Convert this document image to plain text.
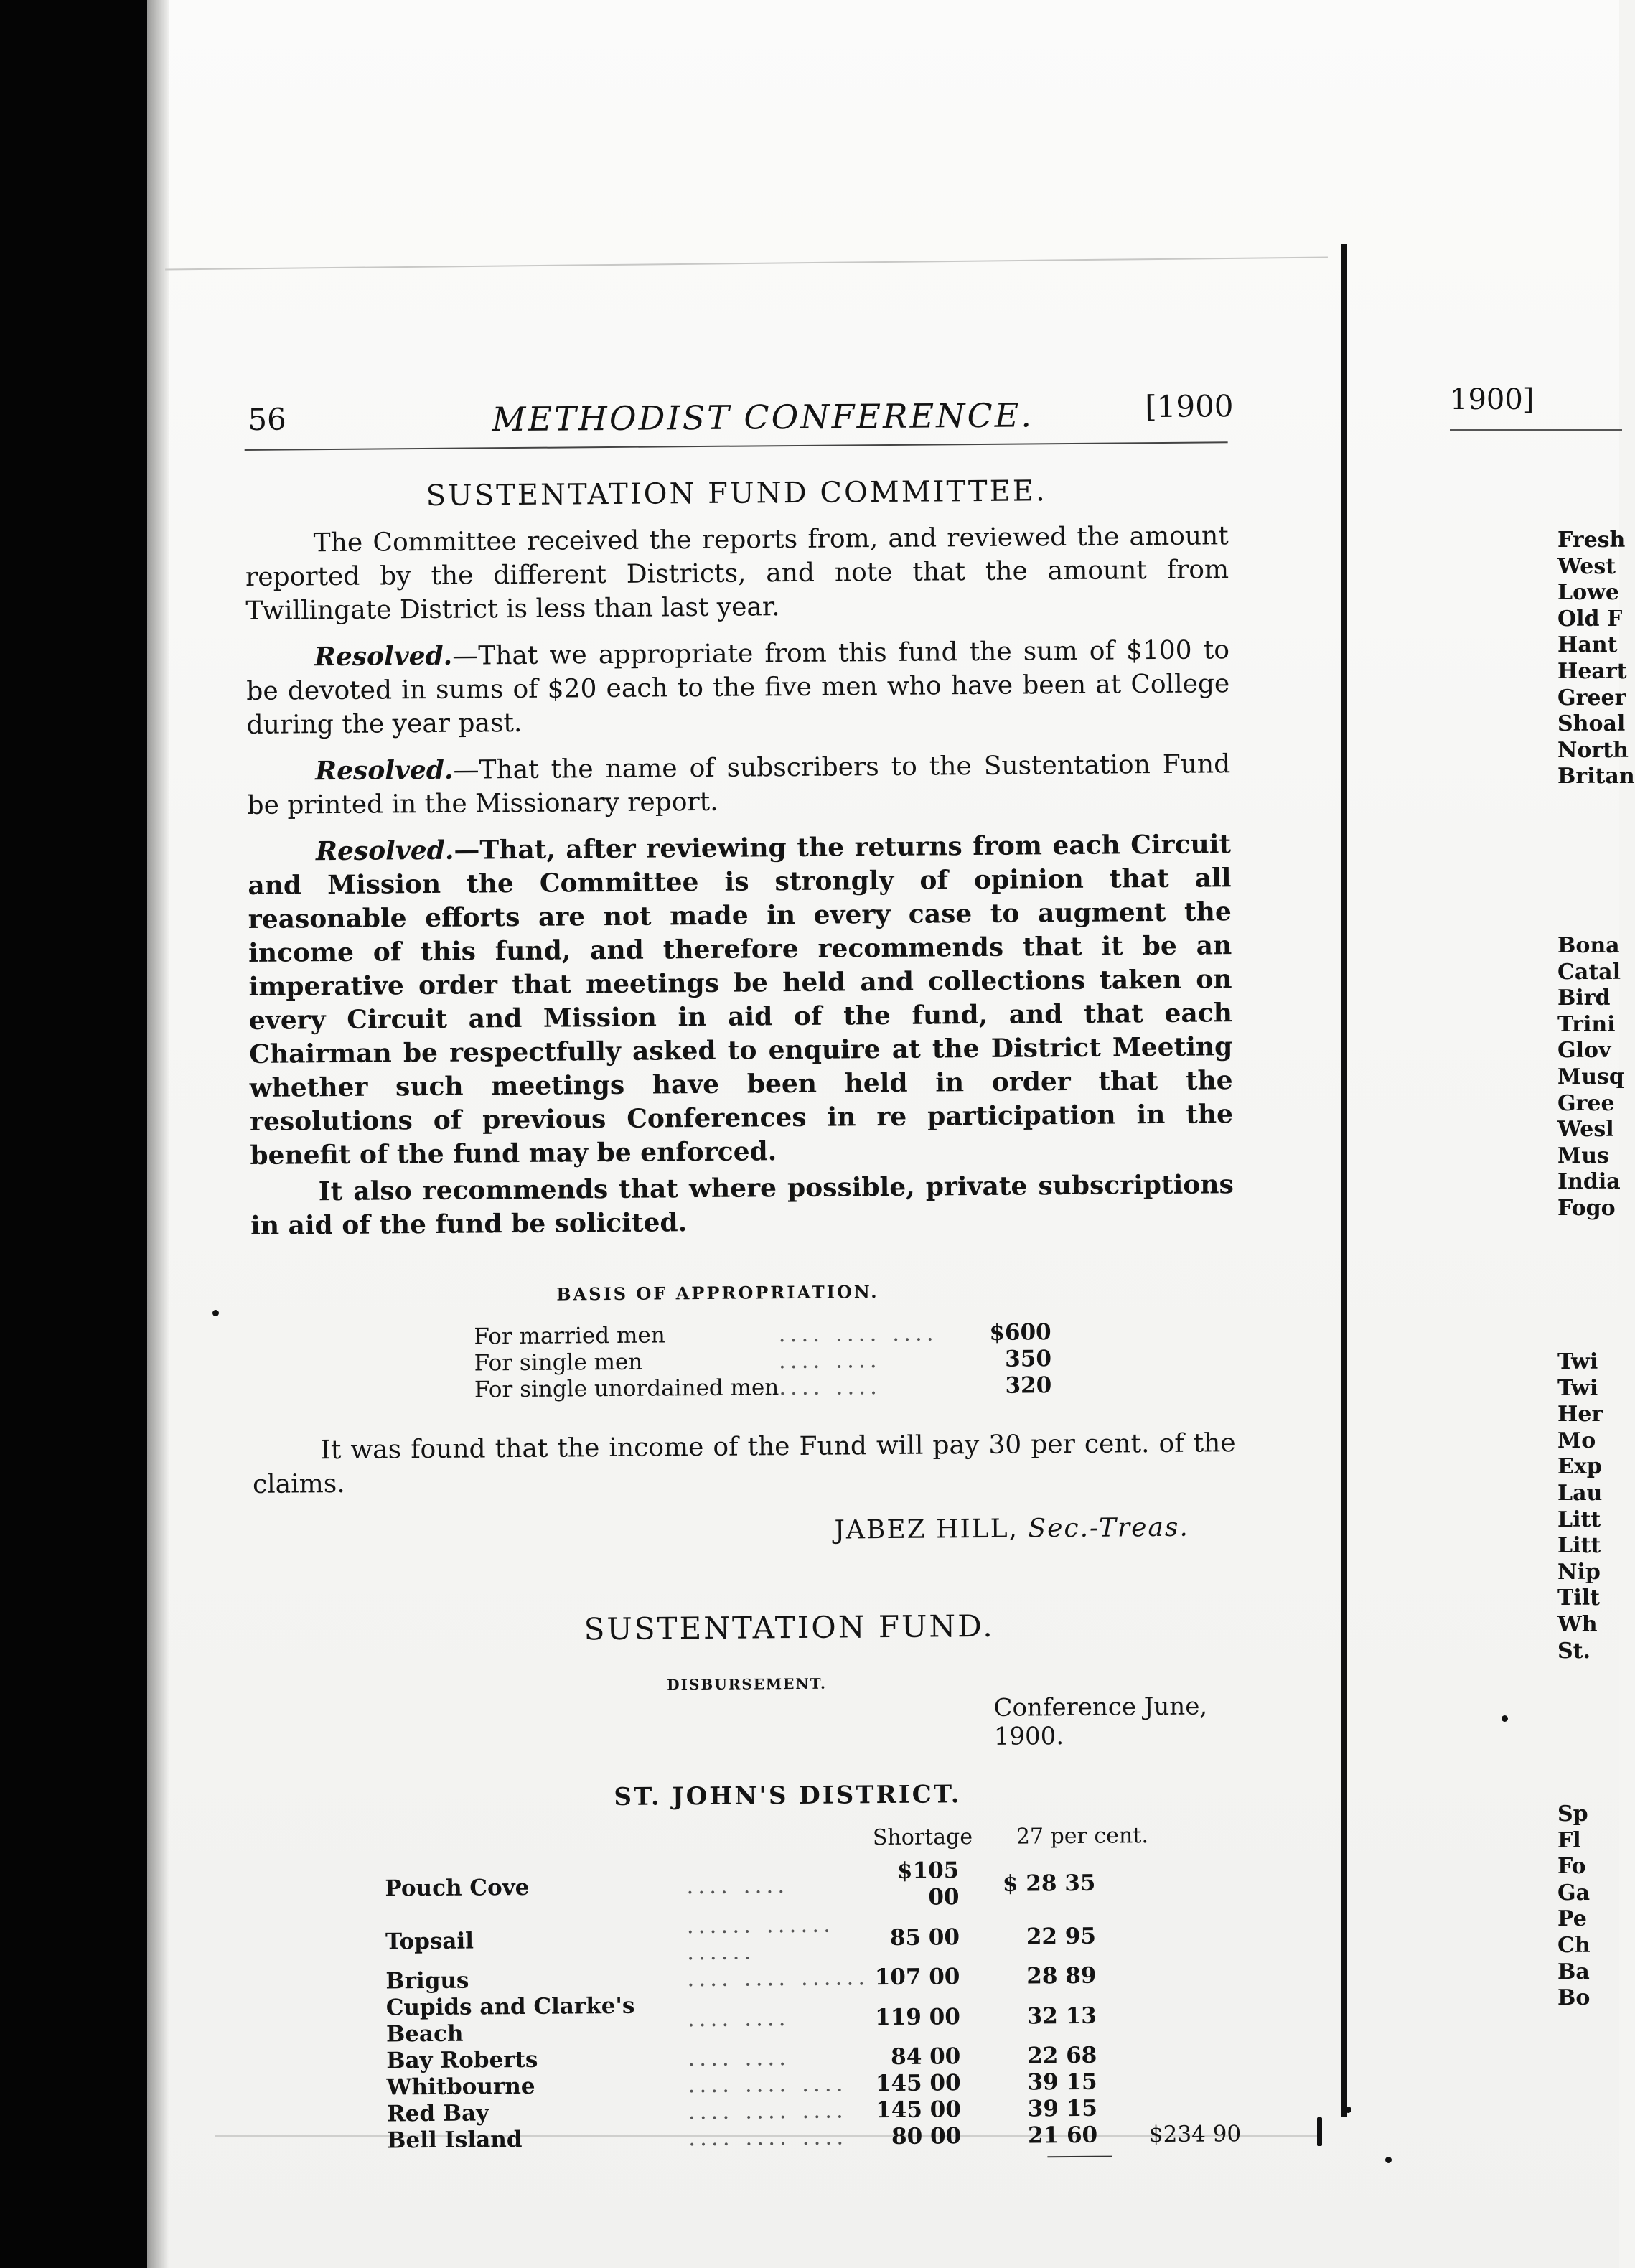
56	METHODIST CONFERENCE.	[1900
SUSTENTATION FUND COMMITTEE.

The Committee received the reports from, and reviewed the amount reported by the different Districts, and note that the amount from Twillingate District is less than last year.

Resolved.—That we appropriate from this fund the sum of $100 to be devoted in sums of $20 each to the five men who have been at College during the year past.

Resolved.—That the name of subscribers to the Sustentation Fund be printed in the Missionary report.

Resolved.—That, after reviewing the returns from each Circuit and Mission the Committee is strongly of opinion that all reasonable efforts are not made in every case to augment the income of this fund, and therefore recommends that it be an imperative order that meetings be held and collections taken on every Circuit and Mission in aid of the fund, and that each Chairman be respectfully asked to enquire at the District Meeting whether such meetings have been held in order that the resolutions of previous Conferences in re participation in the benefit of the fund may be enforced.

It also recommends that where possible, private subscriptions in aid of the fund be solicited.

BASIS OF APPROPRIATION.
For married men	.... .... ....	$600
For single men	.... ....	350
For single unordained men	.... ....	320

It was found that the income of the Fund will pay 30 per cent. of the claims.

JABEZ HILL, Sec.-Treas.
SUSTENTATION FUND.
DISBURSEMENT.
Conference June, 1900.
ST. JOHN'S DISTRICT.
Shortage 27 per cent.
Pouch Cove	.... ....	$105 00	$ 28 35	
Topsail	...... ...... ......	85 00	22 95	
Brigus	.... .... ......	107 00	28 89	
Cupids and Clarke's Beach	.... ....	119 00	32 13	
Bay Roberts	.... ....	84 00	22 68	
Whitbourne	.... .... ....	145 00	39 15	
Red Bay	.... .... ....	145 00	39 15	
Bell Island	.... .... ....	80 00	21 60	$234 90
1900]
Fresh
West
Lowe
Old F
Hant
Heart
Greer
Shoal
North
Britan
Bona
Catal
Bird
Trini
Glov
Musq
Gree
Wesl
Mus
India
Fogo
Twi
Twi
Her
Mo
Exp
Lau
Litt
Litt
Nip
Tilt
Wh
St.
Sp
Fl
Fo
Ga
Pe
Ch
Ba
Bo
